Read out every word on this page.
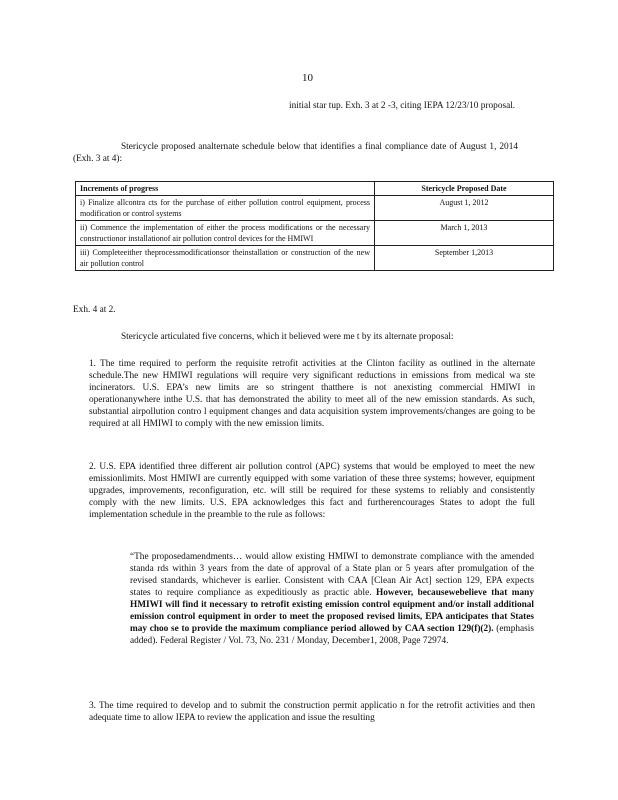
10
initial star tup. Exh. 3 at 2 -3, citing IEPA 12/23/10 proposal.
Stericycle proposed analternate schedule below that identifies a final compliance date of August 1, 2014 (Exh. 3 at 4):
Increments of progress	Stericycle Proposed Date
i) Finalize allcontra cts for the purchase of either pollution control equipment, process modification or control systems	August 1, 2012
ii) Commence the implementation of either the process modifications or the necessary constructionor installationof air pollution control devices for the HMIWI	March 1, 2013
iii) Completeeither theprocessmodificationsor theinstallation or construction of the new air pollution control	September 1,2013
Exh. 4 at 2.
Stericycle articulated five concerns, which it believed were me t by its alternate proposal:
1. The time required to perform the requisite retrofit activities at the Clinton facility as outlined in the alternate schedule.The new HMIWI regulations will require very significant reductions in emissions from medical wa ste incinerators. U.S. EPA’s new limits are so stringent thatthere is not anexisting commercial HMIWI in operationanywhere inthe U.S. that has demonstrated the ability to meet all of the new emission standards. As such, substantial airpollution contro l equipment changes and data acquisition system improvements/changes are going to be required at all HMIWI to comply with the new emission limits.
2. U.S. EPA identified three different air pollution control (APC) systems that would be employed to meet the new emissionlimits. Most HMIWI are currently equipped with some variation of these three systems; however, equipment upgrades, improvements, reconfiguration, etc. will still be required for these systems to reliably and consistently comply with the new limits. U.S. EPA acknowledges this fact and furtherencourages States to adopt the full implementation schedule in the preamble to the rule as follows:
“The proposedamendments… would allow existing HMIWI to demonstrate compliance with the amended standa rds within 3 years from the date of approval of a State plan or 5 years after promulgation of the revised standards, whichever is earlier. Consistent with CAA [Clean Air Act] section 129, EPA expects states to require compliance as expeditiously as practic able. However, becausewebelieve that many HMIWI will find it necessary to retrofit existing emission control equipment and/or install additional emission control equipment in order to meet the proposed revised limits, EPA anticipates that States may choo se to provide the maximum compliance period allowed by CAA section 129(f)(2). (emphasis added). Federal Register / Vol. 73, No. 231 / Monday, December1, 2008, Page 72974.
3. The time required to develop and to submit the construction permit applicatio n for the retrofit activities and then adequate time to allow IEPA to review the application and issue the resulting
